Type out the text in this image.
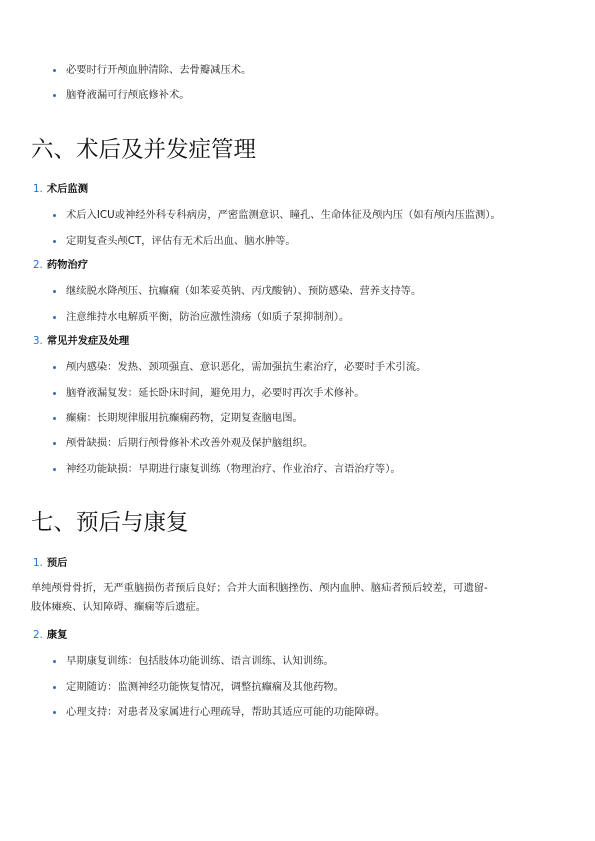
必要时行开颅血肿清除、去骨瓣减压术。
脑脊液漏可行颅底修补术。
六、术后及并发症管理
1. 术后监测
术后入ICU或神经外科专科病房，严密监测意识、瞳孔、生命体征及颅内压（如有颅内压监测）。
定期复查头颅CT，评估有无术后出血、脑水肿等。
2. 药物治疗
继续脱水降颅压、抗癫痫（如苯妥英钠、丙戊酸钠）、预防感染、营养支持等。
注意维持水电解质平衡，防治应激性溃疡（如质子泵抑制剂）。
3. 常见并发症及处理
颅内感染：发热、颈项强直、意识恶化，需加强抗生素治疗，必要时手术引流。
脑脊液漏复发：延长卧床时间，避免用力，必要时再次手术修补。
癫痫：长期规律服用抗癫痫药物，定期复查脑电图。
颅骨缺损：后期行颅骨修补术改善外观及保护脑组织。
神经功能缺损：早期进行康复训练（物理治疗、作业治疗、言语治疗等）。
七、预后与康复
1. 预后
单纯颅骨骨折，无严重脑损伤者预后良好；合并大面积脑挫伤、颅内血肿、脑疝者预后较差，可遗留-
肢体瘫痪、认知障碍、癫痫等后遗症。
2. 康复
早期康复训练：包括肢体功能训练、语言训练、认知训练。
定期随访：监测神经功能恢复情况，调整抗癫痫及其他药物。
心理支持：对患者及家属进行心理疏导，帮助其适应可能的功能障碍。
